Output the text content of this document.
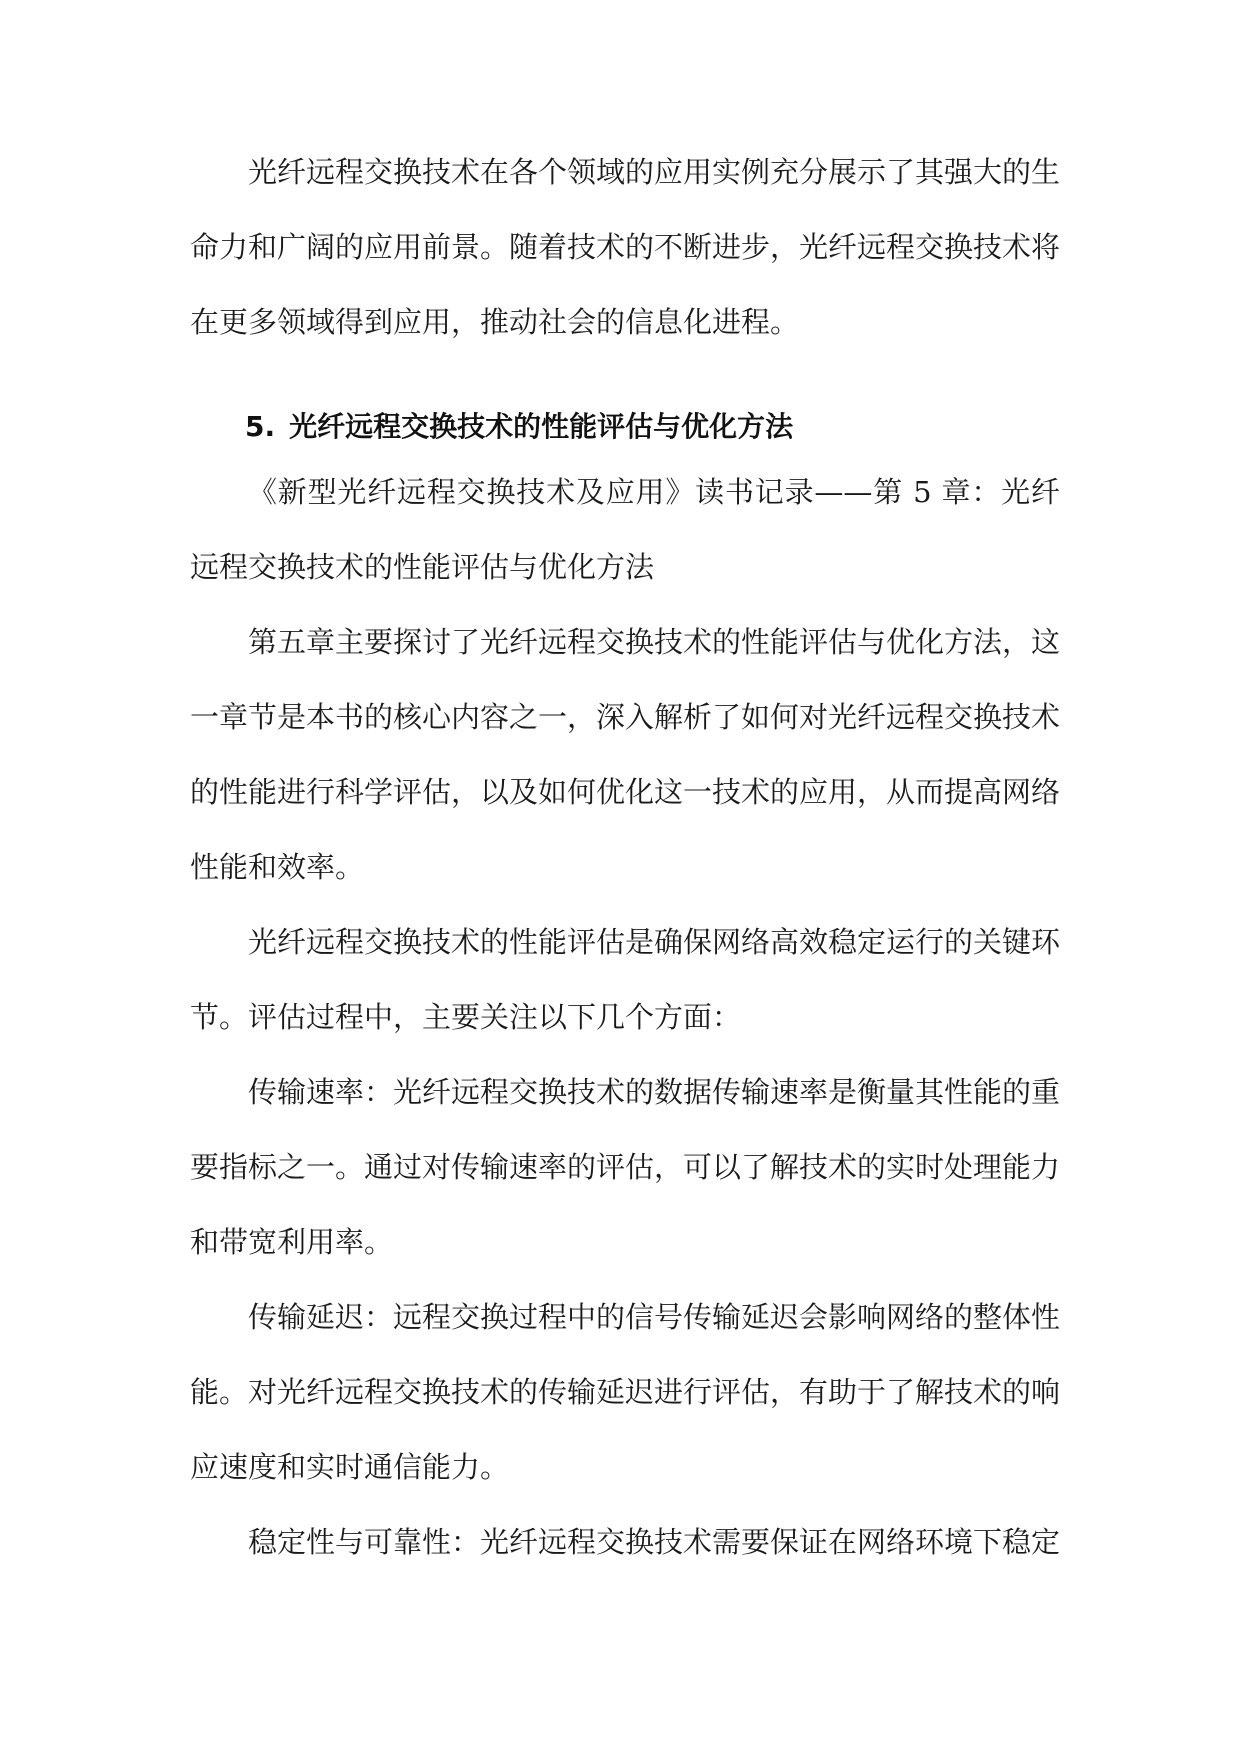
光纤远程交换技术在各个领域的应用实例充分展示了其强大的生命力和广阔的应用前景。随着技术的不断进步，光纤远程交换技术将在更多领域得到应用，推动社会的信息化进程。

5. 光纤远程交换技术的性能评估与优化方法

《新型光纤远程交换技术及应用》读书记录——第 5 章：光纤远程交换技术的性能评估与优化方法

第五章主要探讨了光纤远程交换技术的性能评估与优化方法，这一章节是本书的核心内容之一，深入解析了如何对光纤远程交换技术的性能进行科学评估，以及如何优化这一技术的应用，从而提高网络性能和效率。

光纤远程交换技术的性能评估是确保网络高效稳定运行的关键环节。评估过程中，主要关注以下几个方面：

传输速率：光纤远程交换技术的数据传输速率是衡量其性能的重要指标之一。通过对传输速率的评估，可以了解技术的实时处理能力和带宽利用率。

传输延迟：远程交换过程中的信号传输延迟会影响网络的整体性能。对光纤远程交换技术的传输延迟进行评估，有助于了解技术的响应速度和实时通信能力。

稳定性与可靠性：光纤远程交换技术需要保证在网络环境下稳定
